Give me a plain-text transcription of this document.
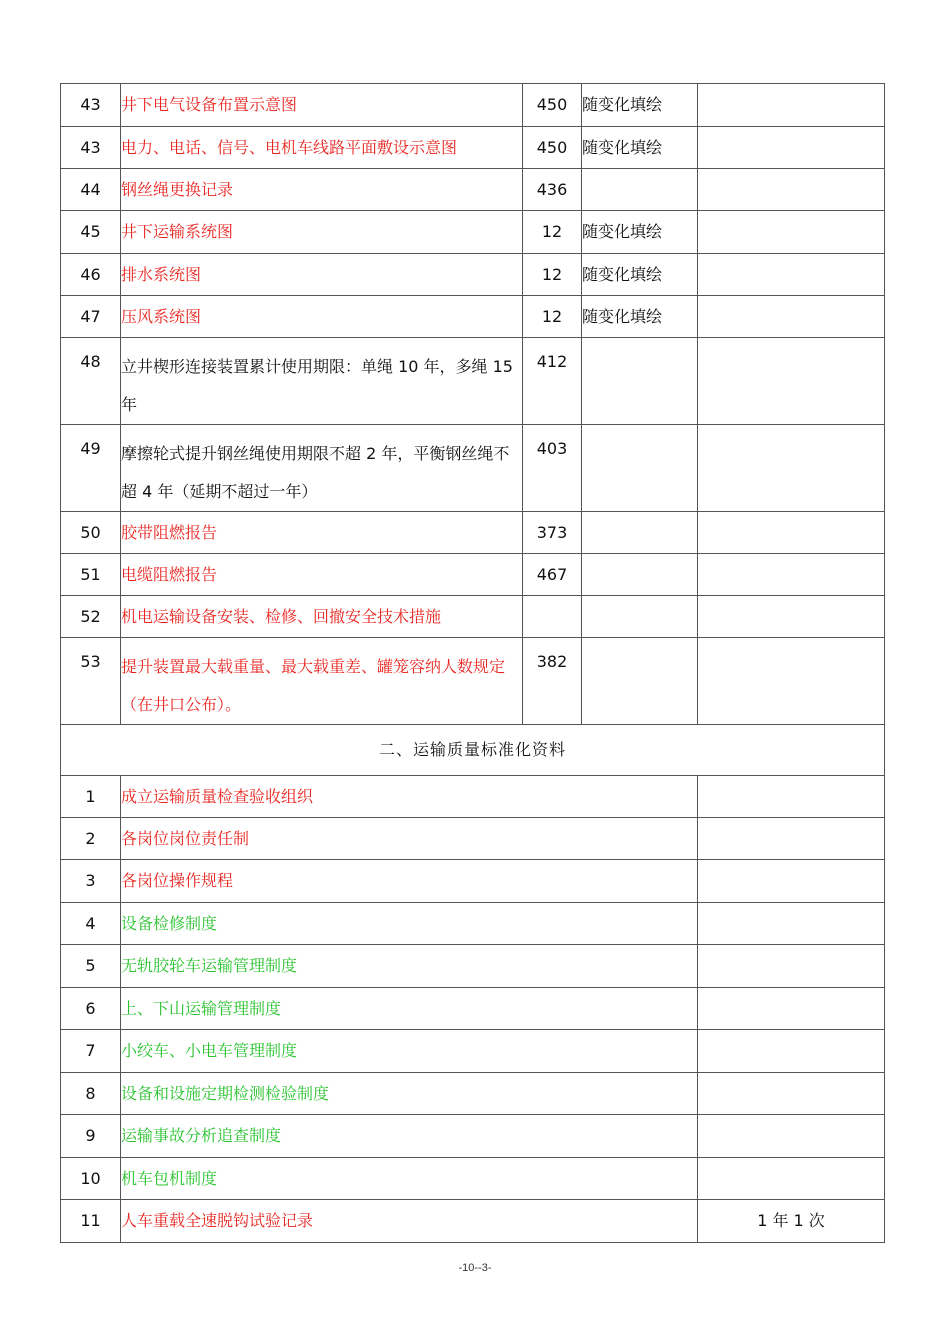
43	井下电气设备布置示意图	450	随变化填绘	
43	电力、电话、信号、电机车线路平面敷设示意图	450	随变化填绘	
44	钢丝绳更换记录	436		
45	井下运输系统图	12	随变化填绘	
46	排水系统图	12	随变化填绘	
47	压风系统图	12	随变化填绘	
48	立井楔形连接装置累计使用期限：单绳 10 年，多绳 15 年	412		
49	摩擦轮式提升钢丝绳使用期限不超 2 年，平衡钢丝绳不超 4 年（延期不超过一年）	403		
50	胶带阻燃报告	373		
51	电缆阻燃报告	467		
52	机电运输设备安装、检修、回撤安全技术措施			
53	提升装置最大载重量、最大载重差、罐笼容纳人数规定（在井口公布）。	382		
二、运输质量标准化资料				
1	成立运输质量检查验收组织			
2	各岗位岗位责任制			
3	各岗位操作规程			
4	设备检修制度			
5	无轨胶轮车运输管理制度			
6	上、下山运输管理制度			
7	小绞车、小电车管理制度			
8	设备和设施定期检测检验制度			
9	运输事故分析追查制度			
10	机车包机制度			
11	人车重载全速脱钩试验记录			1 年 1 次
-10--3-
